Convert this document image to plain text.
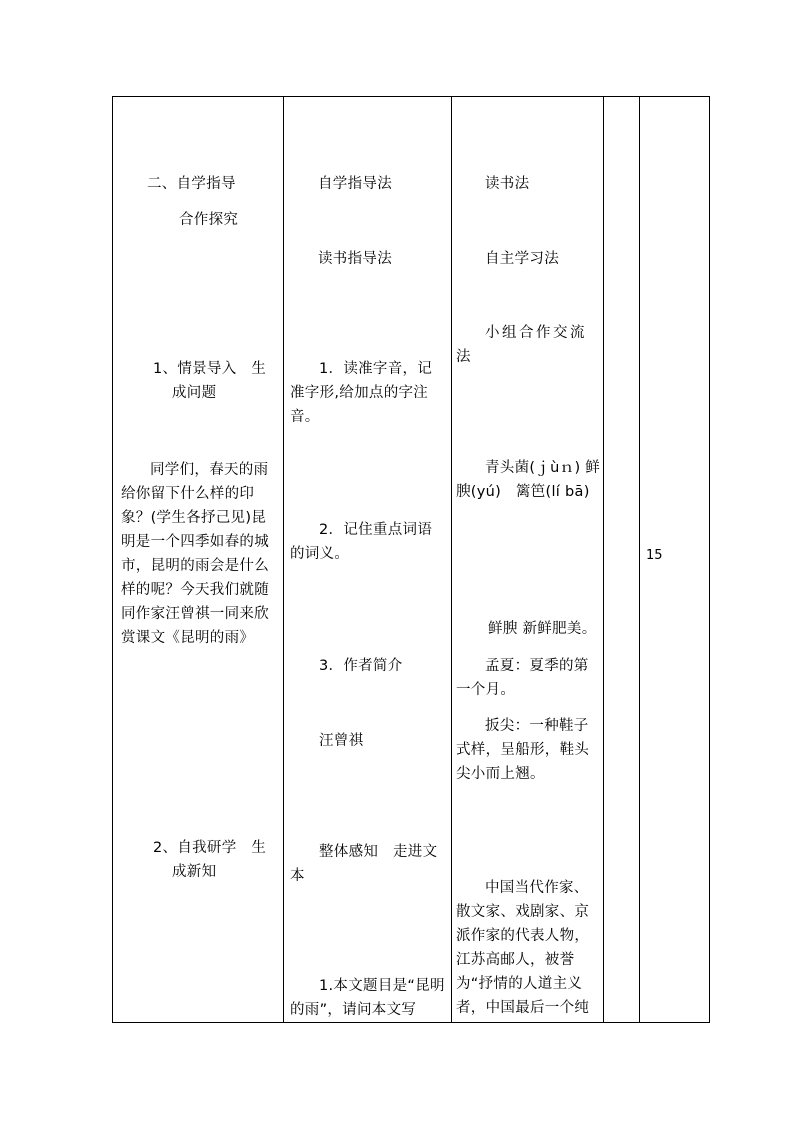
二、自学指导
合作探究
1、情景导入　生
成问题
同学们，春天的雨给你留下什么样的印象？(学生各抒己见)昆明是一个四季如春的城市，昆明的雨会是什么样的呢？今天我们就随同作家汪曾祺一同来欣赏课文《昆明的雨》
2、自我研学　生
成新知
自学指导法
读书指导法
1．读准字音，记准字形,给加点的字注音。
2．记住重点词语的词义。
3．作者简介
汪曾祺
整体感知　走进文本
1.本文题目是“昆明的雨”，请问本文写
读书法
自主学习法
小组合作交流法
青头菌(ｊùｎ) 鲜腴(yú)　篱笆(lí bā)
鲜腴 新鲜肥美。
孟夏：夏季的第一个月。
扳尖：一种鞋子式样，呈船形，鞋头尖小而上翘。
中国当代作家、散文家、戏剧家、京派作家的代表人物，江苏高邮人，被誉为“抒情的人道主义者，中国最后一个纯
15
